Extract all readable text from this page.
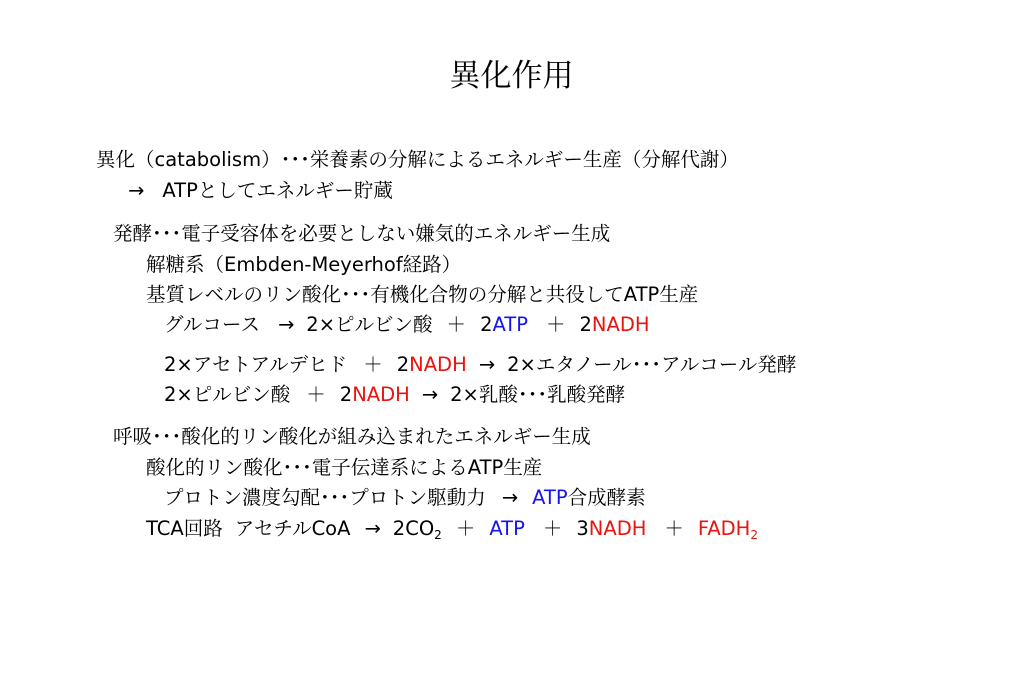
異化作用
異化（catabolism）･･･栄養素の分解によるエネルギー生産（分解代謝）
→ ATPとしてエネルギー貯蔵
発酵･･･電子受容体を必要としない嫌気的エネルギー生成
解糖系（Embden-Meyerhof経路）
基質レベルのリン酸化･･･有機化合物の分解と共役してATP生産
グルコース → 2×ピルビン酸 ＋ 2ATP ＋ 2NADH
2×アセトアルデヒド ＋ 2NADH → 2×エタノール･･･アルコール発酵
2×ピルビン酸 ＋ 2NADH → 2×乳酸･･･乳酸発酵
呼吸･･･酸化的リン酸化が組み込まれたエネルギー生成
酸化的リン酸化･･･電子伝達系によるATP生産
プロトン濃度勾配･･･プロトン駆動力 → ATP合成酵素
TCA回路 アセチルCoA → $2CO_2$ ＋ ATP ＋ 3NADH ＋ $FADH_2$
